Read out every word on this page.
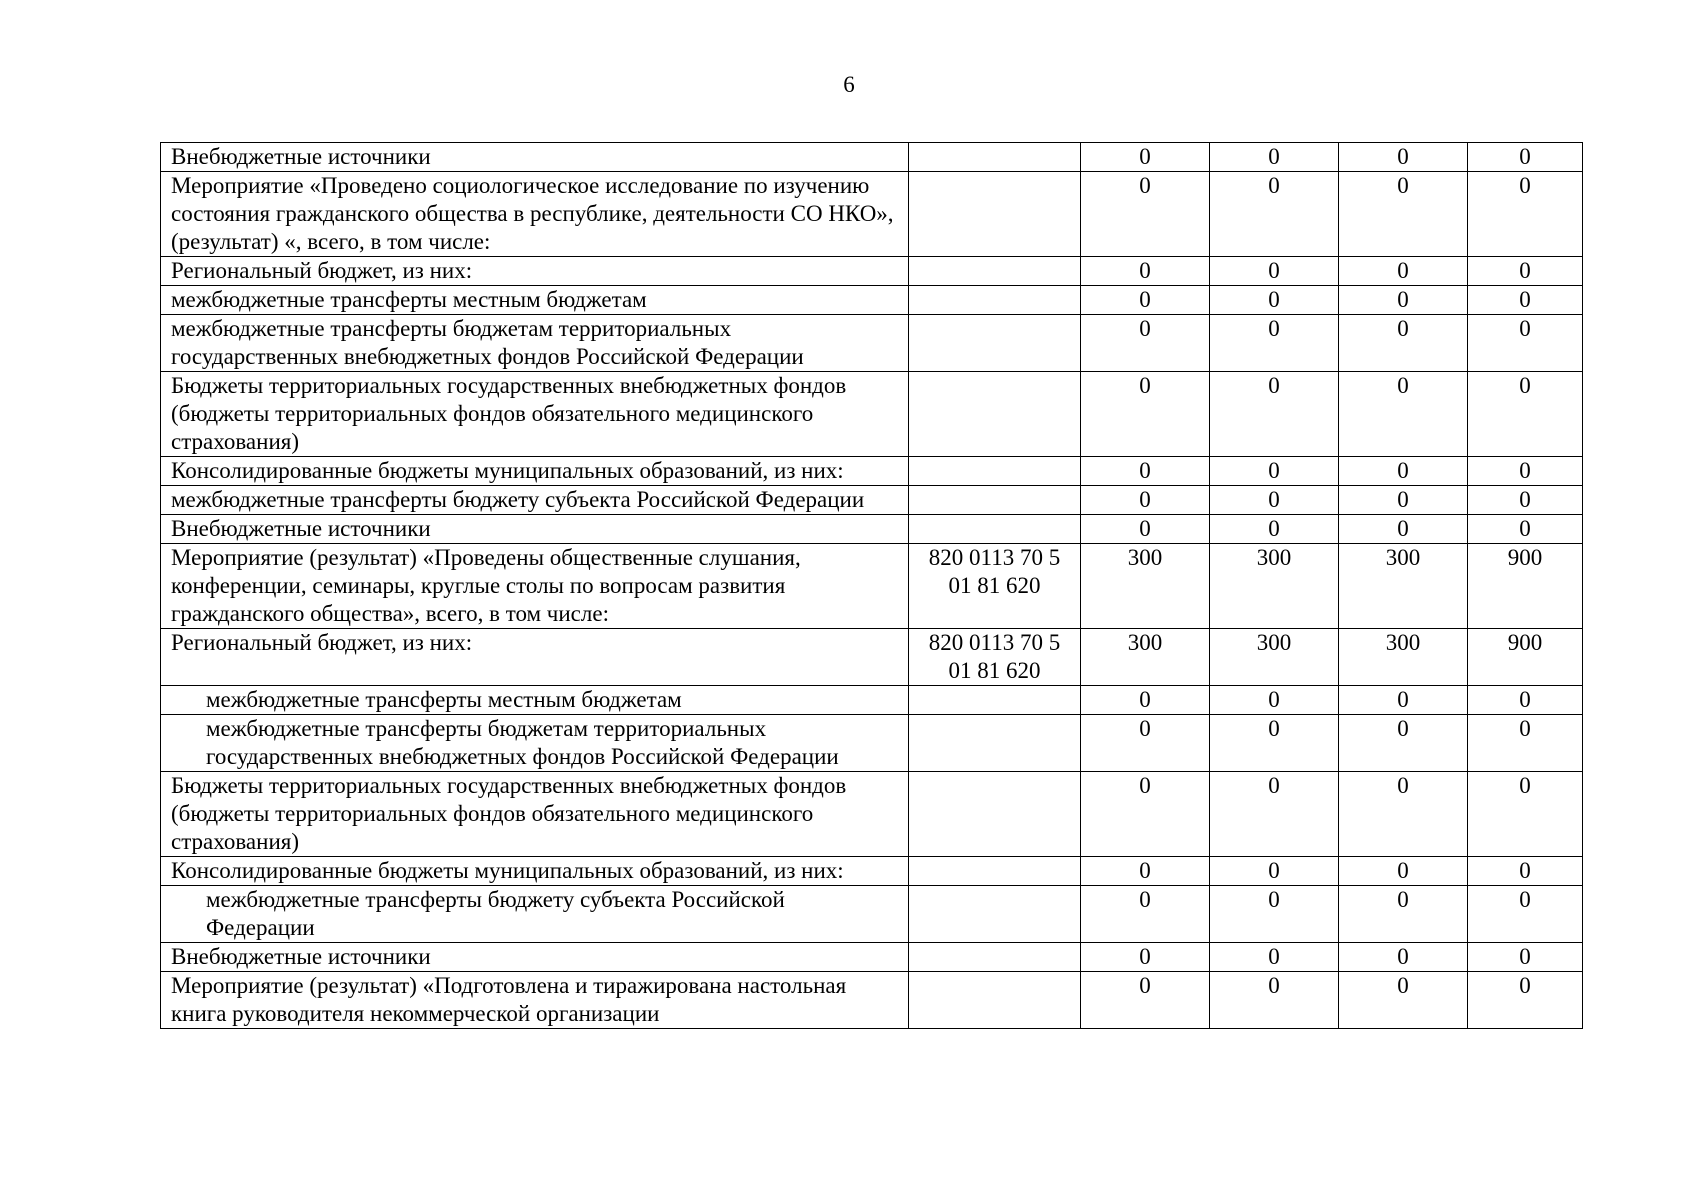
6
Внебюджетные источники		0	0	0	0
Мероприятие «Проведено социологическое исследование по изучению состояния гражданского общества в республике, деятельности СО НКО», (результат) «, всего, в том числе:		0	0	0	0
Региональный бюджет, из них:		0	0	0	0
межбюджетные трансферты местным бюджетам		0	0	0	0
межбюджетные трансферты бюджетам территориальных государственных внебюджетных фондов Российской Федерации		0	0	0	0
Бюджеты территориальных государственных внебюджетных фондов (бюджеты территориальных фондов обязательного медицинского страхования)		0	0	0	0
Консолидированные бюджеты муниципальных образований, из них:		0	0	0	0
межбюджетные трансферты бюджету субъекта Российской Федерации		0	0	0	0
Внебюджетные источники		0	0	0	0
Мероприятие (результат) «Проведены общественные слушания, конференции, семинары, круглые столы по вопросам развития гражданского общества», всего, в том числе:	820 0113 70 5 01 81 620	300	300	300	900
Региональный бюджет, из них:	820 0113 70 5 01 81 620	300	300	300	900
межбюджетные трансферты местным бюджетам		0	0	0	0
межбюджетные трансферты бюджетам территориальных государственных внебюджетных фондов Российской Федерации		0	0	0	0
Бюджеты территориальных государственных внебюджетных фондов (бюджеты территориальных фондов обязательного медицинского страхования)		0	0	0	0
Консолидированные бюджеты муниципальных образований, из них:		0	0	0	0
межбюджетные трансферты бюджету субъекта Российской Федерации		0	0	0	0
Внебюджетные источники		0	0	0	0
Мероприятие (результат) «Подготовлена и тиражирована настольная книга руководителя некоммерческой организации		0	0	0	0
